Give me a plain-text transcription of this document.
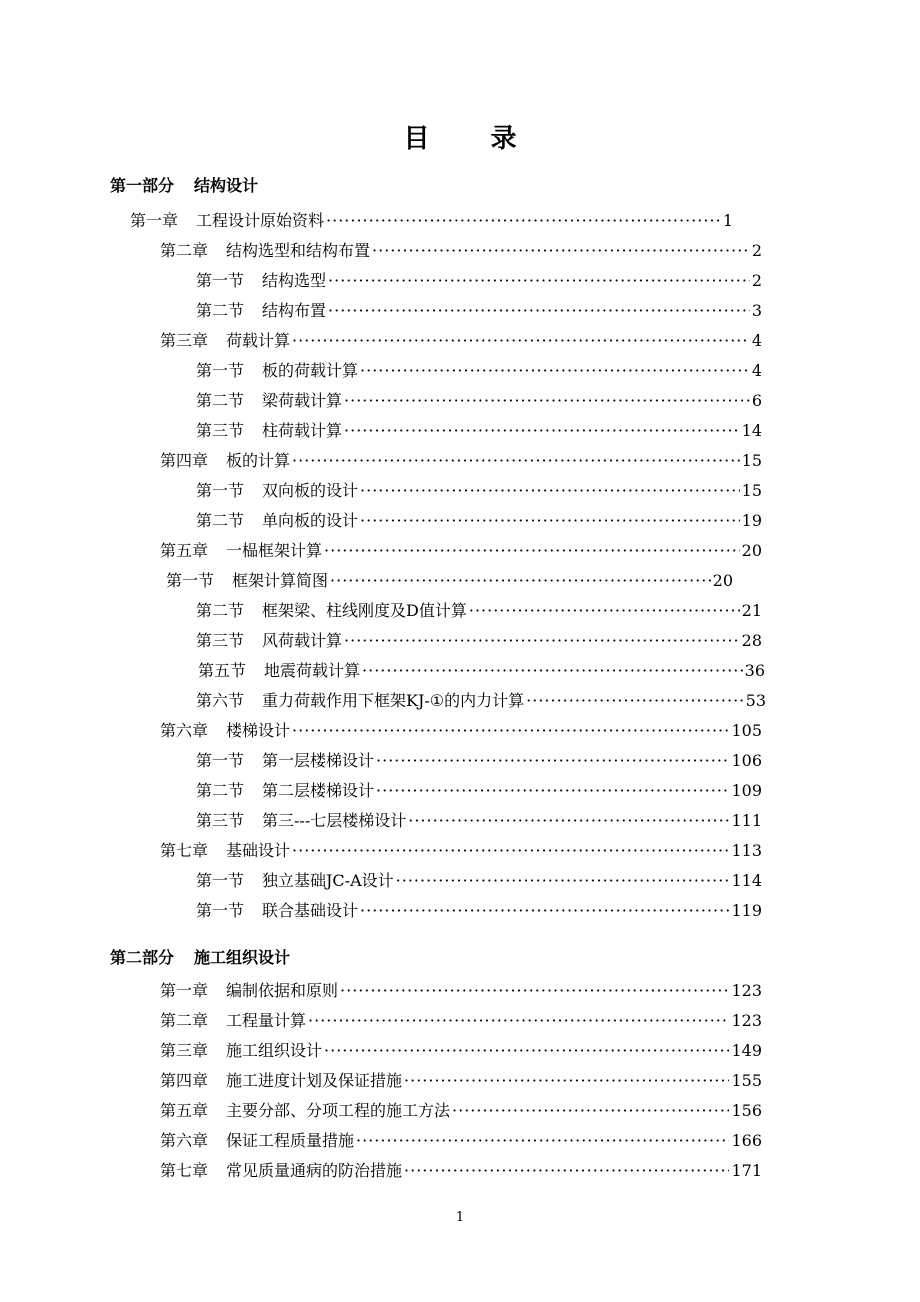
目 录
第一部分 结构设计
第一章 工程设计原始资料 ·····	1
第二章 结构选型和结构布置 ·····	2
第一节 结构选型 ·····	2
第二节 结构布置 ·····	3
第三章 荷载计算 ·····	4
第一节 板的荷载计算 ·····	4
第二节 梁荷载计算 ·····	6
第三节 柱荷载计算 ·····	14
第四章 板的计算 ·····	15
第一节 双向板的设计 ·····	15
第二节 单向板的设计 ·····	19
第五章 一榀框架计算 ·····	20
第一节 框架计算简图 ·····	20
第二节 框架梁、柱线刚度及D值计算 ·····	21
第三节 风荷载计算 ·····	28
第五节 地震荷载计算 ·····	36
第六节 重力荷载作用下框架KJ-①的内力计算 ·····	53
第六章 楼梯设计 ·····	105
第一节 第一层楼梯设计 ·····	106
第二节 第二层楼梯设计 ·····	109
第三节 第三---七层楼梯设计 ·····	111
第七章 基础设计 ·····	113
第一节 独立基础JC-A设计 ·····	114
第一节 联合基础设计 ·····	119
第二部分 施工组织设计
第一章 编制依据和原则 ·····	123
第二章 工程量计算 ·····	123
第三章 施工组织设计 ·····	149
第四章 施工进度计划及保证措施 ·····	155
第五章 主要分部、分项工程的施工方法 ·····	156
第六章 保证工程质量措施 ·····	166
第七章 常见质量通病的防治措施 ·····	171
1
